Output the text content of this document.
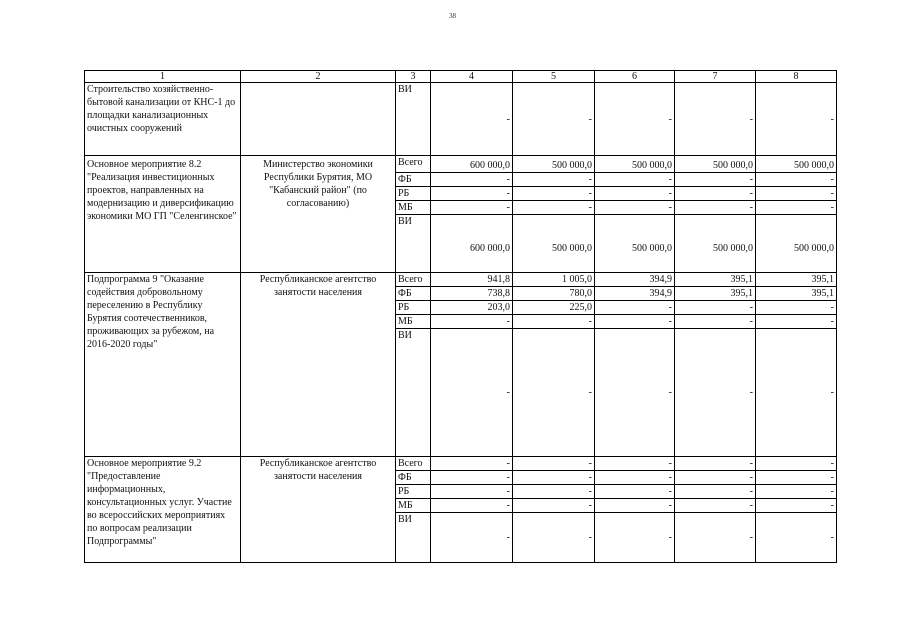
38
1	2	3	4	5	6	7	8
Строительство хозяйственно-бытовой канализации от КНС-1 до площадки канализационных очистных сооружений		ВИ	-	-	-	-	-
Основное мероприятие 8.2 "Реализация инвестиционных проектов, направленных на модернизацию и диверсификацию экономики МО ГП "Селенгинское"	Министерство экономики Республики Бурятия, МО "Кабанский район" (по согласованию)	Всего	600 000,0	500 000,0	500 000,0	500 000,0	500 000,0
		ФБ	-	-	-	-	-
		РБ	-	-	-	-	-
		МБ	-	-	-	-	-
		ВИ	600 000,0	500 000,0	500 000,0	500 000,0	500 000,0
Подпрограмма 9 "Оказание содействия добровольному переселению в Республику Бурятия соотечественников, проживающих за рубежом, на 2016-2020 годы"	Республиканское агентство занятости населения	Всего	941,8	1 005,0	394,9	395,1	395,1
		ФБ	738,8	780,0	394,9	395,1	395,1
		РБ	203,0	225,0	-	-	-
		МБ	-	-	-	-	-
		ВИ	-	-	-	-	-
Основное мероприятие 9.2 "Предоставление информационных, консультационных услуг. Участие во всероссийских мероприятиях по вопросам реализации Подпрограммы"	Республиканское агентство занятости населения	Всего	-	-	-	-	-
		ФБ	-	-	-	-	-
		РБ	-	-	-	-	-
		МБ	-	-	-	-	-
		ВИ	-	-	-	-	-
